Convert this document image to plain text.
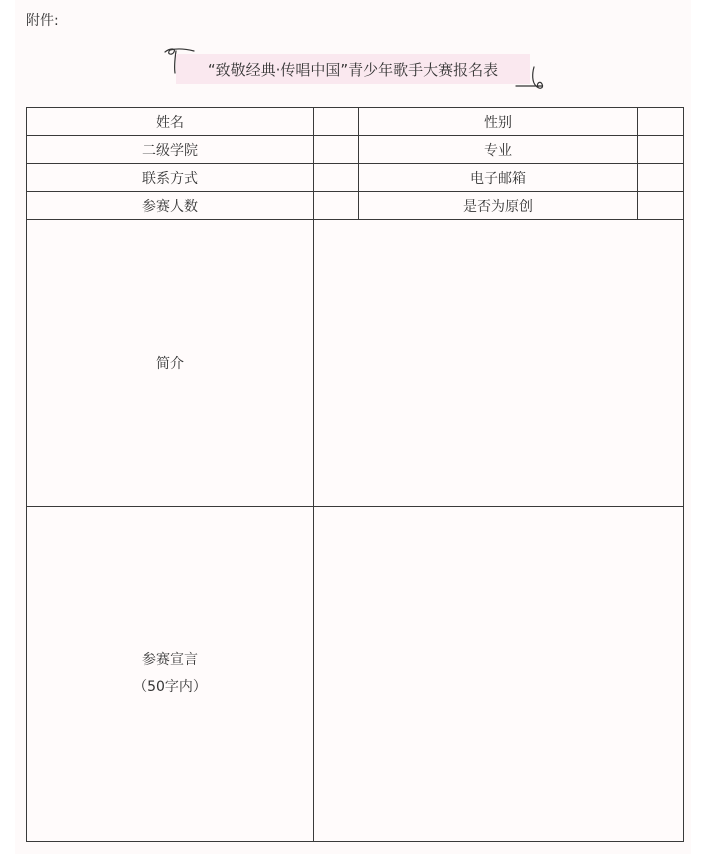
附件:
“致敬经典·传唱中国”青少年歌手大赛报名表
姓名		性别	
二级学院		专业	
联系方式		电子邮箱	
参赛人数		是否为原创	
简介			

参赛宣言
（50字内）			
